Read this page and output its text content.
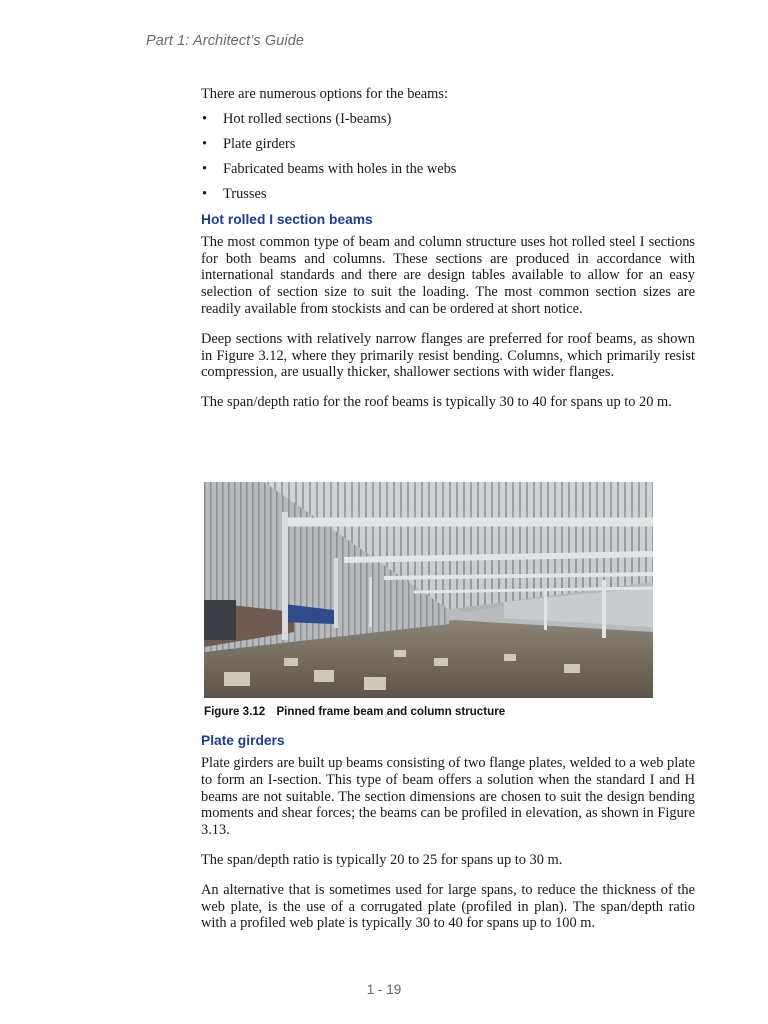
Part 1: Architect’s Guide

There are numerous options for the beams:

• Hot rolled sections (I-beams)
• Plate girders
• Fabricated beams with holes in the webs
• Trusses
Hot rolled I section beams

The most common type of beam and column structure uses hot rolled steel I sections for both beams and columns. These sections are produced in accordance with international standards and there are design tables available to allow for an easy selection of section size to suit the loading. The most common section sizes are readily available from stockists and can be ordered at short notice.

Deep sections with relatively narrow flanges are preferred for roof beams, as shown in Figure 3.12, where they primarily resist bending. Columns, which primarily resist compression, are usually thicker, shallower sections with wider flanges.

The span/depth ratio for the roof beams is typically 30 to 40 for spans up to 20 m.

Figure 3.12 Pinned frame beam and column structure
Plate girders

Plate girders are built up beams consisting of two flange plates, welded to a web plate to form an I-section. This type of beam offers a solution when the standard I and H beams are not suitable. The section dimensions are chosen to suit the design bending moments and shear forces; the beams can be profiled in elevation, as shown in Figure 3.13.

The span/depth ratio is typically 20 to 25 for spans up to 30 m.

An alternative that is sometimes used for large spans, to reduce the thickness of the web plate, is the use of a corrugated plate (profiled in plan). The span/depth ratio with a profiled web plate is typically 30 to 40 for spans up to 100 m.

1 - 19
